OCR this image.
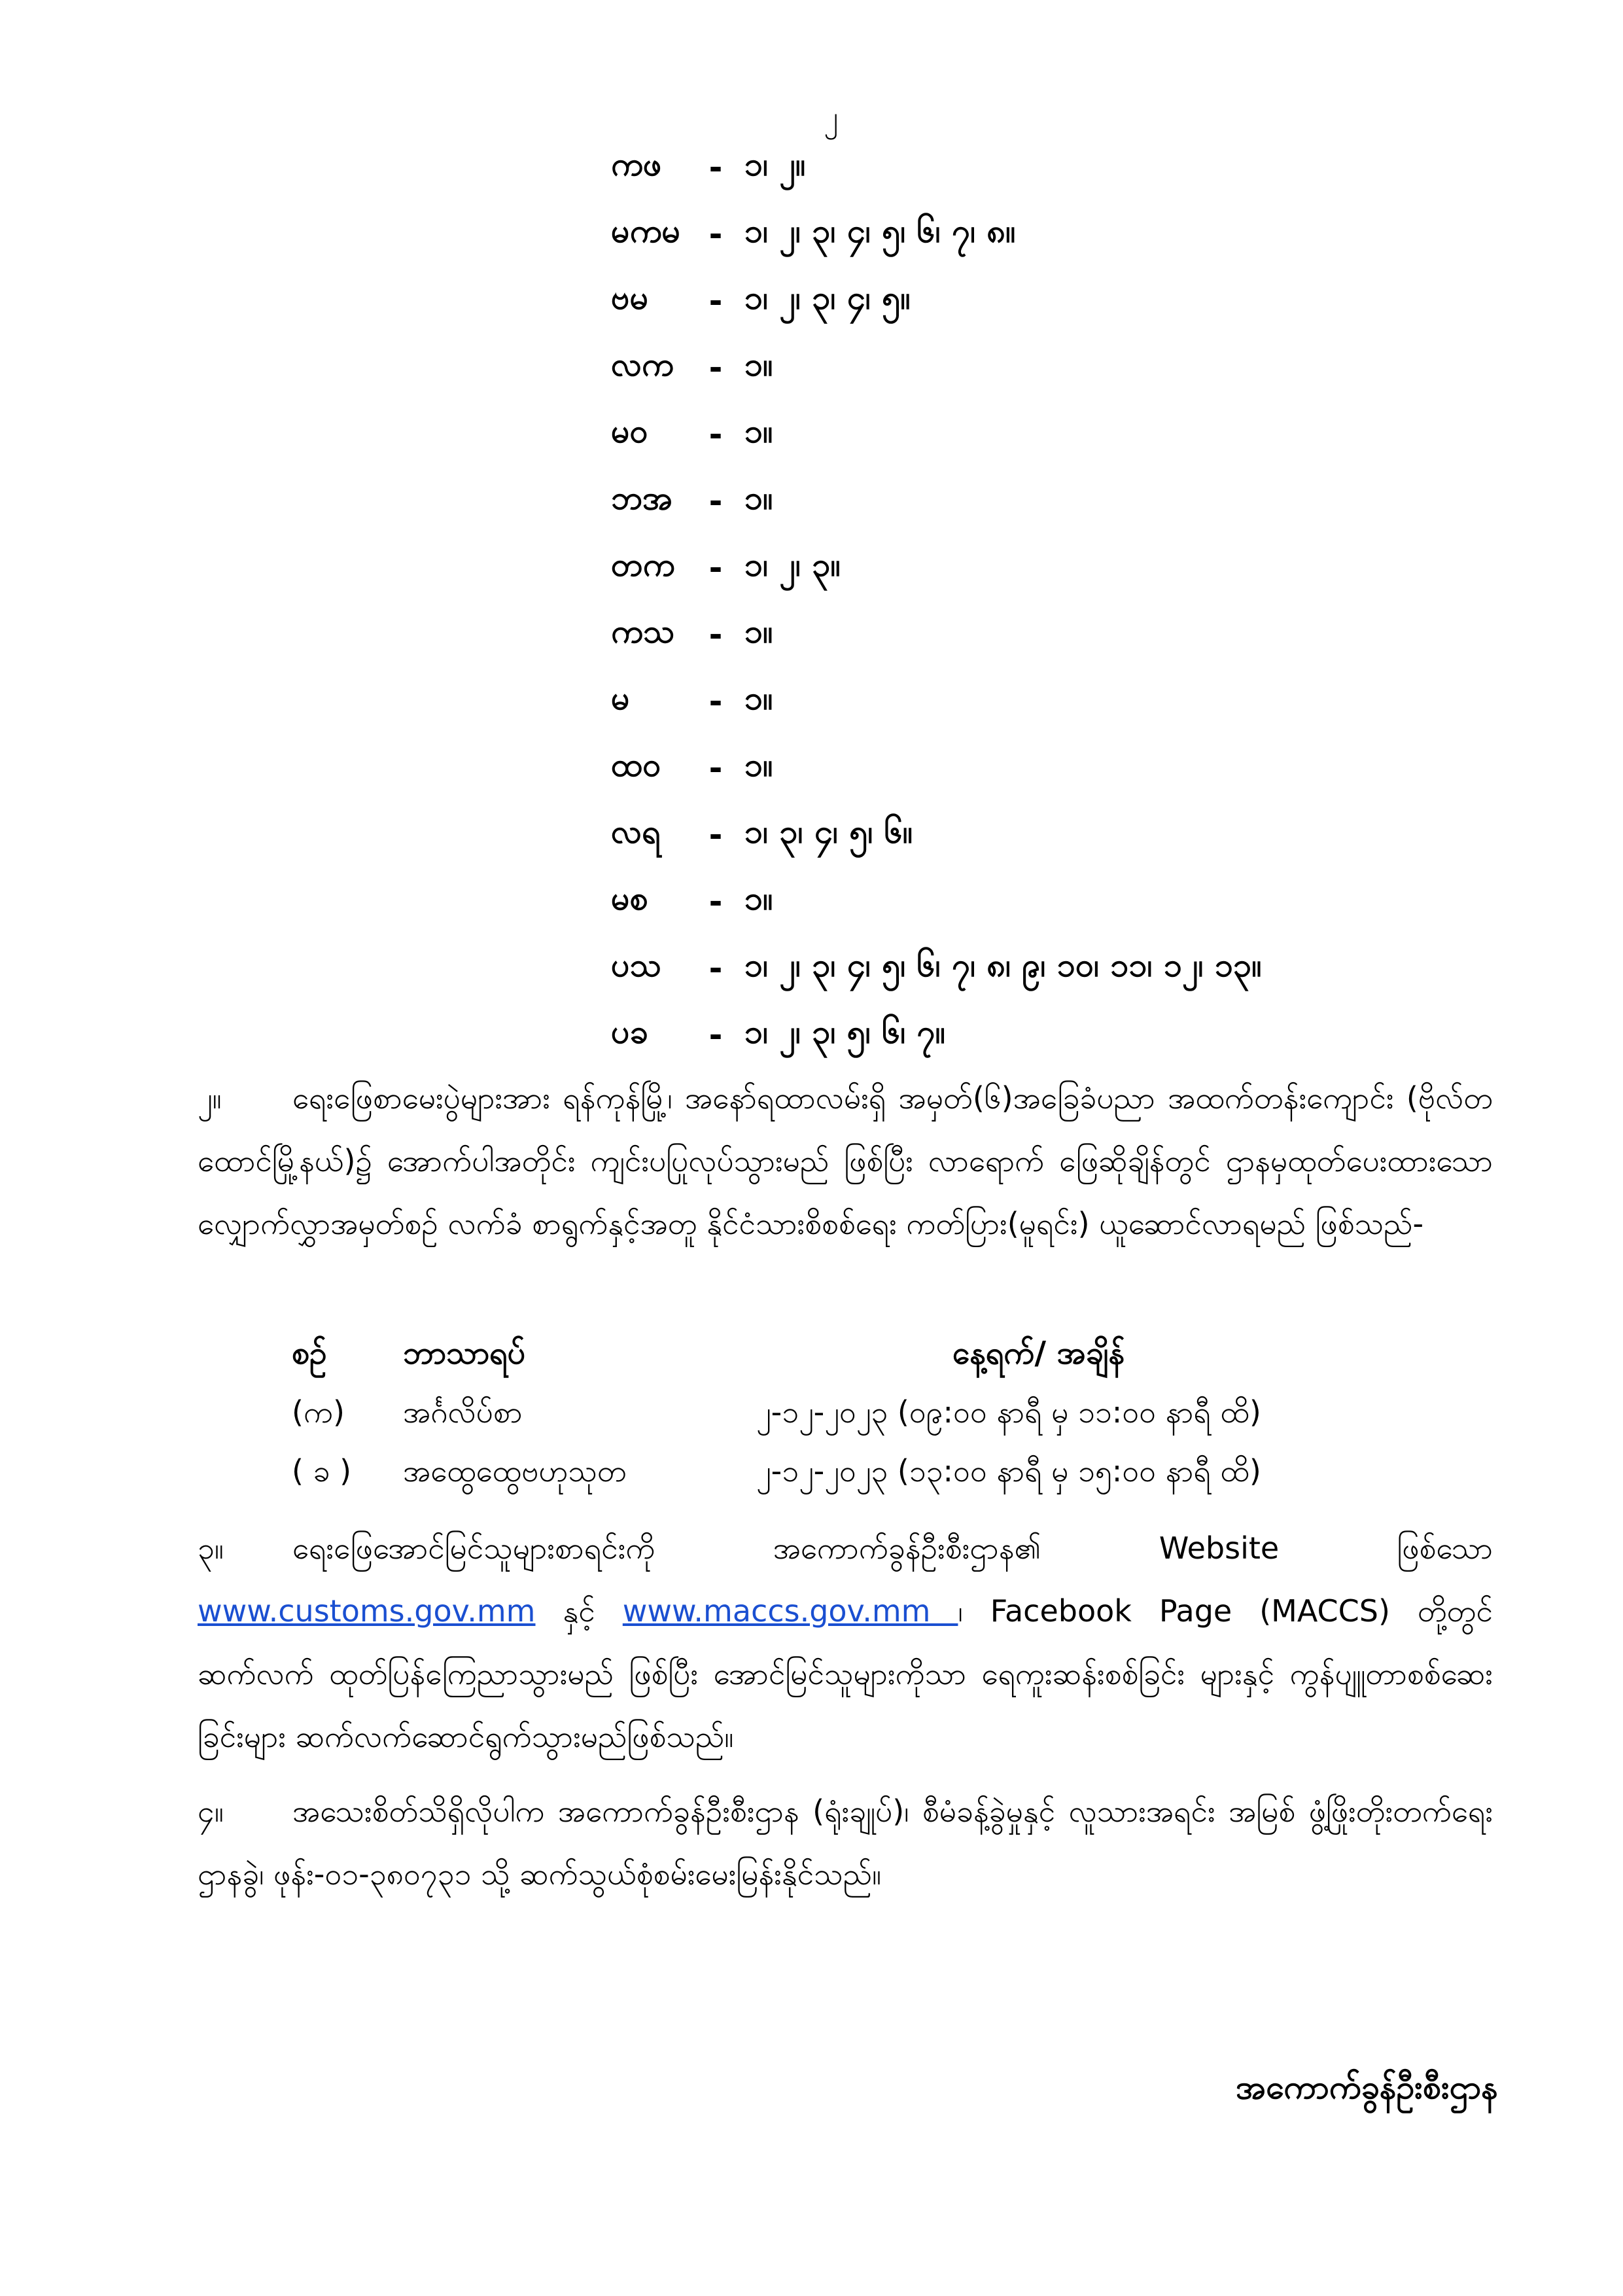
၂
ကဖ	- ၁၊ ၂။
မကမ - ၁၊ ၂၊ ၃၊ ၄၊ ၅၊ ၆၊ ၇၊ ၈။
ဗမ	- ၁၊ ၂၊ ၃၊ ၄၊ ၅။
လက	- ၁။
မဝ	- ၁။
ဘအ	- ၁။
တက	- ၁၊ ၂၊ ၃။
ကသ	- ၁။
မ	- ၁။
ထဝ	- ၁။
လရ	- ၁၊ ၃၊ ၄၊ ၅၊ ၆။
မစ	- ၁။
ပသ	- ၁၊ ၂၊ ၃၊ ၄၊ ၅၊ ၆၊ ၇၊ ၈၊ ၉၊ ၁၀၊ ၁၁၊ ၁၂၊ ၁၃။
ပခ	- ၁၊ ၂၊ ၃၊ ၅၊ ၆၊ ၇။
၂။ ရေးဖြေစာမေးပွဲများအား ရန်ကုန်မြို့၊ အနော်ရထာလမ်းရှိ အမှတ်(၆)အခြေခံပညာ အထက်တန်းကျောင်း (ဗိုလ်တထောင်မြို့နယ်)၌ အောက်ပါအတိုင်း ကျင်းပပြုလုပ်သွားမည် ဖြစ်ပြီး လာရောက် ဖြေဆိုချိန်တွင် ဌာနမှထုတ်ပေးထားသော လျှောက်လွှာအမှတ်စဉ် လက်ခံ စာရွက်နှင့်အတူ နိုင်ငံသားစိစစ်ရေး ကတ်ပြား(မူရင်း) ယူဆောင်လာရမည် ဖြစ်သည်-
စဉ်	ဘာသာရပ်	နေ့ရက်/ အချိန်
(က)	အင်္ဂလိပ်စာ	၂-၁၂-၂၀၂၃ (၀၉:၀၀ နာရီ မှ ၁၁:၀၀ နာရီ ထိ)
( ခ )	အထွေထွေဗဟုသုတ	၂-၁၂-၂၀၂၃ (၁၃:၀၀ နာရီ မှ ၁၅:၀၀ နာရီ ထိ)
၃။ ရေးဖြေအောင်မြင်သူများစာရင်းကို အကောက်ခွန်ဦးစီးဌာန၏ Website ဖြစ်သော www.customs.gov.mm နှင့် www.maccs.gov.mm ၊ Facebook Page (MACCS) တို့တွင် ဆက်လက် ထုတ်ပြန်ကြေညာသွားမည် ဖြစ်ပြီး အောင်မြင်သူများကိုသာ ရေကူးဆန်းစစ်ခြင်း များနှင့် ကွန်ပျူတာစစ်ဆေးခြင်းများ ဆက်လက်ဆောင်ရွက်သွားမည်ဖြစ်သည်။
၄။ အသေးစိတ်သိရှိလိုပါက အကောက်ခွန်ဦးစီးဌာန (ရုံးချုပ်)၊ စီမံခန့်ခွဲမှုနှင့် လူသားအရင်း အမြစ် ဖွံ့ဖြိုးတိုးတက်ရေးဌာနခွဲ၊ ဖုန်း-၀၁-၃၈၀၇၃၁ သို့ ဆက်သွယ်စုံစမ်းမေးမြန်းနိုင်သည်။
အကောက်ခွန်ဦးစီးဌာန
